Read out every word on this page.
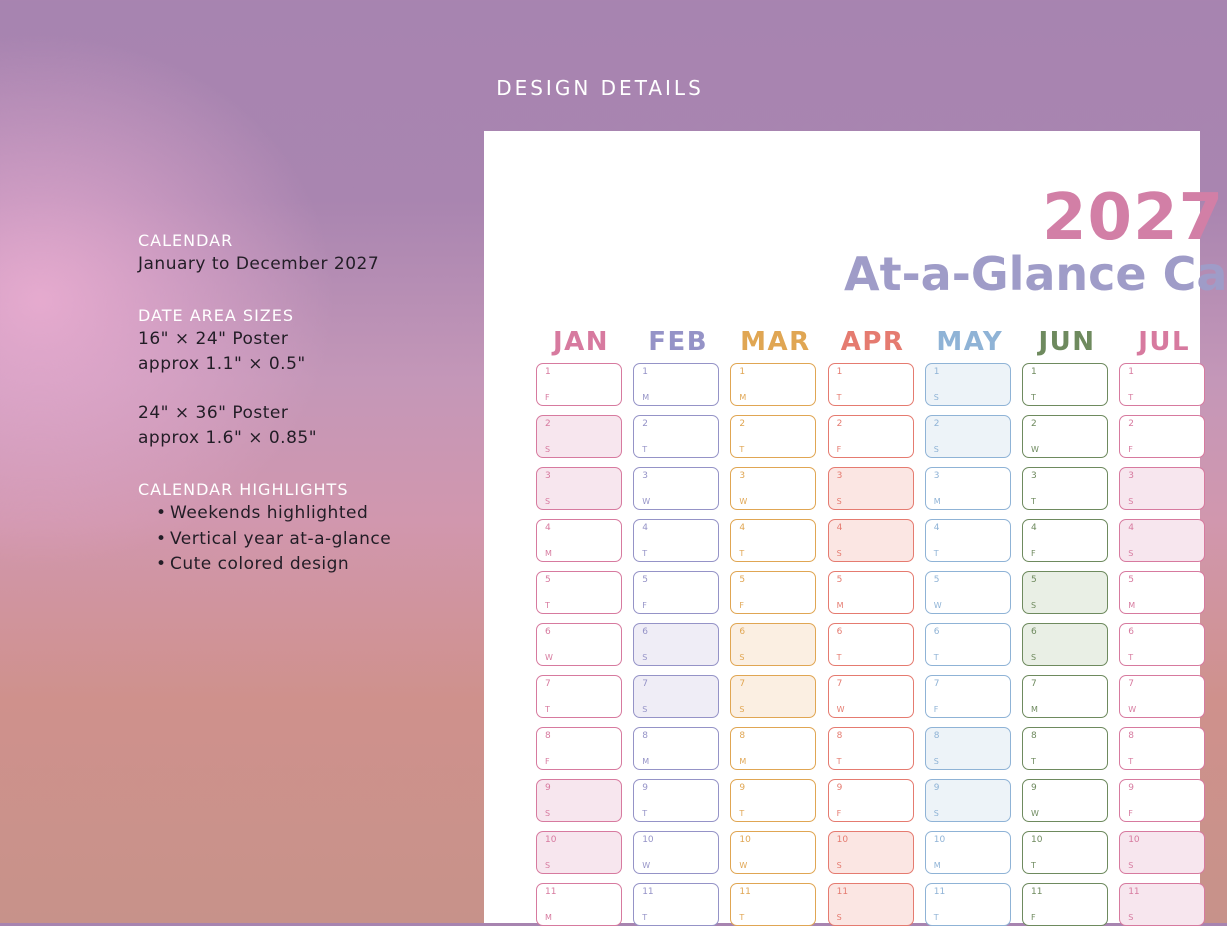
DESIGN DETAILS
CALENDAR
January to December 2027
DATE AREA SIZES
16" × 24" Poster
approx 1.1" × 0.5"
24" × 36" Poster
approx 1.6" × 0.85"
CALENDAR HIGHLIGHTS
• Weekends highlighted
• Vertical year at-a-glance
• Cute colored design
2027
At-a-Glance Ca
JAN
1
F
2
S
3
S
4
M
5
T
6
W
7
T
8
F
9
S
10
S
11
M
FEB
1
M
2
T
3
W
4
T
5
F
6
S
7
S
8
M
9
T
10
W
11
T
MAR
1
M
2
T
3
W
4
T
5
F
6
S
7
S
8
M
9
T
10
W
11
T
APR
1
T
2
F
3
S
4
S
5
M
6
T
7
W
8
T
9
F
10
S
11
S
MAY
1
S
2
S
3
M
4
T
5
W
6
T
7
F
8
S
9
S
10
M
11
T
JUN
1
T
2
W
3
T
4
F
5
S
6
S
7
M
8
T
9
W
10
T
11
F
JUL
1
T
2
F
3
S
4
S
5
M
6
T
7
W
8
T
9
F
10
S
11
S
